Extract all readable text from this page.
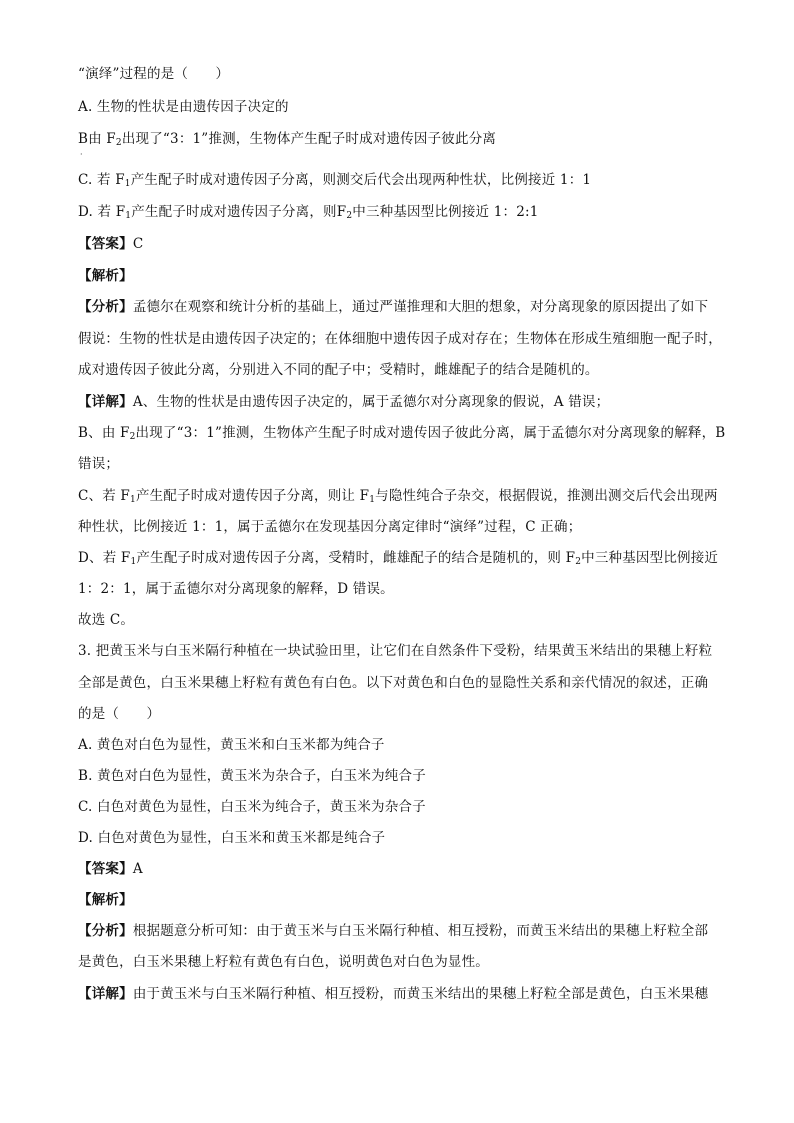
“演绎”过程的是（　　）
A. 生物的性状是由遗传因子决定的
B由 $F_2$出现了“3：1”推测，生物体产生配子时成对遗传因子彼此分离
·
C. 若 $F_1$产生配子时成对遗传因子分离，则测交后代会出现两种性状，比例接近 1：1
D. 若 $F_1$产生配子时成对遗传因子分离，则$F_2$中三种基因型比例接近 1：2:1
【答案】C
【解析】
【分析】孟德尔在观察和统计分析的基础上，通过严谨推理和大胆的想象，对分离现象的原因提出了如下
假说：生物的性状是由遗传因子决定的；在体细胞中遗传因子成对存在；生物体在形成生殖细胞一配子时，
成对遗传因子彼此分离，分别进入不同的配子中；受精时，雌雄配子的结合是随机的。
【详解】A、生物的性状是由遗传因子决定的，属于孟德尔对分离现象的假说，A 错误；
B、由 $F_2$出现了“3：1”推测，生物体产生配子时成对遗传因子彼此分离，属于孟德尔对分离现象的解释，B
错误；
C、若 $F_1$产生配子时成对遗传因子分离，则让 $F_1$与隐性纯合子杂交，根据假说，推测出测交后代会出现两
种性状，比例接近 1：1，属于孟德尔在发现基因分离定律时“演绎”过程，C 正确；
D、若 $F_1$产生配子时成对遗传因子分离，受精时，雌雄配子的结合是随机的，则 $F_2$中三种基因型比例接近
1：2：1，属于孟德尔对分离现象的解释，D 错误。
故选 C。
3. 把黄玉米与白玉米隔行种植在一块试验田里，让它们在自然条件下受粉，结果黄玉米结出的果穗上籽粒
全部是黄色，白玉米果穗上籽粒有黄色有白色。以下对黄色和白色的显隐性关系和亲代情况的叙述，正确
的是（　　）
A. 黄色对白色为显性，黄玉米和白玉米都为纯合子
B. 黄色对白色为显性，黄玉米为杂合子，白玉米为纯合子
C. 白色对黄色为显性，白玉米为纯合子，黄玉米为杂合子
D. 白色对黄色为显性，白玉米和黄玉米都是纯合子
【答案】A
【解析】
【分析】根据题意分析可知：由于黄玉米与白玉米隔行种植、相互授粉，而黄玉米结出的果穗上籽粒全部
是黄色，白玉米果穗上籽粒有黄色有白色，说明黄色对白色为显性。
【详解】由于黄玉米与白玉米隔行种植、相互授粉，而黄玉米结出的果穗上籽粒全部是黄色，白玉米果穗
